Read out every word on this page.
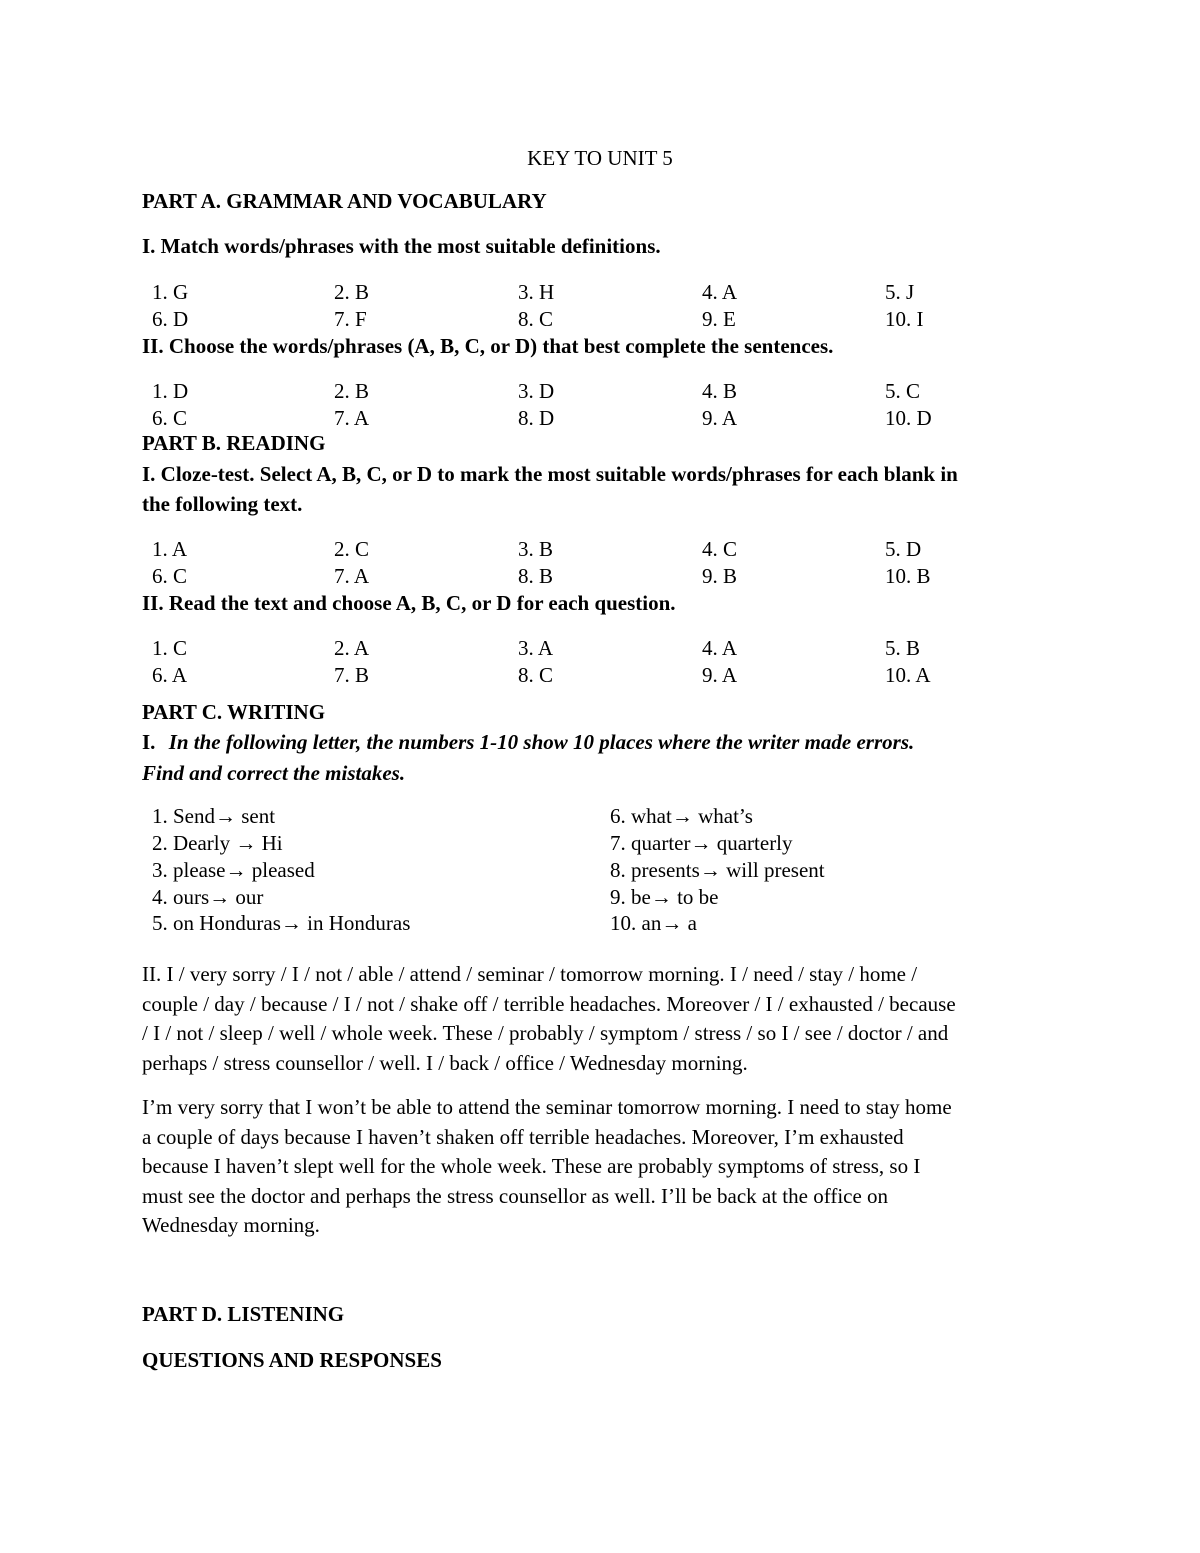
KEY TO UNIT 5
PART A. GRAMMAR AND VOCABULARY
I. Match words/phrases with the most suitable definitions.
1. G	2. B	3. H	4. A	5. J
6. D	7. F	8. C	9. E	10. I
II. Choose the words/phrases (A, B, C, or D) that best complete the sentences.
1. D	2. B	3. D	4. B	5. C
6. C	7. A	8. D	9. A	10. D
PART B. READING
I. Cloze-test. Select A, B, C, or D to mark the most suitable words/phrases for each blank in
the following text.
1. A	2. C	3. B	4. C	5. D
6. C	7. A	8. B	9. B	10. B
II. Read the text and choose A, B, C, or D for each question.
1. C	2. A	3. A	4. A	5. B
6. A	7. B	8. C	9. A	10. A
PART C. WRITING
I. In the following letter, the numbers 1-10 show 10 places where the writer made errors.
Find and correct the mistakes.
1. Send→ sent
2. Dearly → Hi
3. please→ pleased
4. ours→ our
5. on Honduras→ in Honduras
6. what→ what’s
7. quarter→ quarterly
8. presents→ will present
9. be→ to be
10. an→ a
II. I / very sorry / I / not / able / attend / seminar / tomorrow morning. I / need / stay / home /
couple / day / because / I / not / shake off / terrible headaches. Moreover / I / exhausted / because
/ I / not / sleep / well / whole week. These / probably / symptom / stress / so I / see / doctor / and
perhaps / stress counsellor / well. I / back / office / Wednesday morning.
I’m very sorry that I won’t be able to attend the seminar tomorrow morning. I need to stay home
a couple of days because I haven’t shaken off terrible headaches. Moreover, I’m exhausted
because I haven’t slept well for the whole week. These are probably symptoms of stress, so I
must see the doctor and perhaps the stress counsellor as well. I’ll be back at the office on
Wednesday morning.
PART D. LISTENING
QUESTIONS AND RESPONSES
